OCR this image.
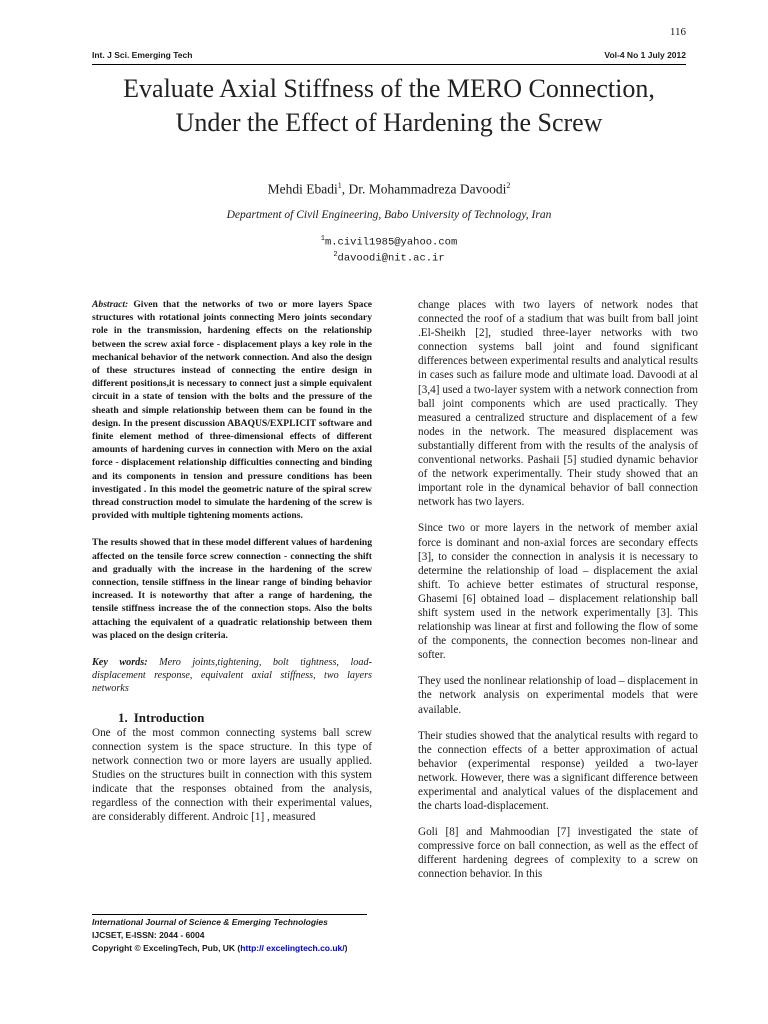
116
Int. J Sci. Emerging Tech	Vol-4 No 1 July 2012
Evaluate Axial Stiffness of the MERO Connection, Under the Effect of Hardening the Screw
Mehdi Ebadi$^1$, Dr. Mohammadreza Davoodi$^2$
Department of Civil Engineering, Babo University of Technology, Iran
$^1$m.civil1985@yahoo.com
$^2$davoodi@nit.ac.ir

Abstract: Given that the networks of two or more layers Space structures with rotational joints connecting Mero joints secondary role in the transmission, hardening effects on the relationship between the screw axial force - displacement plays a key role in the mechanical behavior of the network connection. And also the design of these structures instead of connecting the entire design in different positions,it is necessary to connect just a simple equivalent circuit in a state of tension with the bolts and the pressure of the sheath and simple relationship between them can be found in the design. In the present discussion ABAQUS/EXPLICIT software and finite element method of three-dimensional effects of different amounts of hardening curves in connection with Mero on the axial force - displacement relationship difficulties connecting and binding and its components in tension and pressure conditions has been investigated . In this model the geometric nature of the spiral screw thread construction model to simulate the hardening of the screw is provided with multiple tightening moments actions.

The results showed that in these model different values of hardening affected on the tensile force screw connection - connecting the shift and gradually with the increase in the hardening of the screw connection, tensile stiffness in the linear range of binding behavior increased. It is noteworthy that after a range of hardening, the tensile stiffness increase the of the connection stops. Also the bolts attaching the equivalent of a quadratic relationship between them was placed on the design criteria.

Key words: Mero joints,tightening, bolt tightness, load-displacement response, equivalent axial stiffness, two layers networks

1. Introduction

One of the most common connecting systems ball screw connection system is the space structure. In this type of network connection two or more layers are usually applied. Studies on the structures built in connection with this system indicate that the responses obtained from the analysis, regardless of the connection with their experimental values, are considerably different. Androic [1] , measured

change places with two layers of network nodes that connected the roof of a stadium that was built from ball joint .El-Sheikh [2], studied three-layer networks with two connection systems ball joint and found significant differences between experimental results and analytical results in cases such as failure mode and ultimate load. Davoodi at al [3,4] used a two-layer system with a network connection from ball joint components which are used practically. They measured a centralized structure and displacement of a few nodes in the network. The measured displacement was substantially different from with the results of the analysis of conventional networks. Pashaii [5] studied dynamic behavior of the network experimentally. Their study showed that an important role in the dynamical behavior of ball connection network has two layers.

Since two or more layers in the network of member axial force is dominant and non-axial forces are secondary effects [3], to consider the connection in analysis it is necessary to determine the relationship of load – displacement the axial shift. To achieve better estimates of structural response, Ghasemi [6] obtained load – displacement relationship ball shift system used in the network experimentally [3]. This relationship was linear at first and following the flow of some of the components, the connection becomes non-linear and softer.

They used the nonlinear relationship of load – displacement in the network analysis on experimental models that were available.

Their studies showed that the analytical results with regard to the connection effects of a better approximation of actual behavior (experimental response) yeilded a two-layer network. However, there was a significant difference between experimental and analytical values of the displacement and the charts load-displacement.

Goli [8] and Mahmoodian [7] investigated the state of compressive force on ball connection, as well as the effect of different hardening degrees of complexity to a screw on connection behavior. In this

International Journal of Science & Emerging Technologies
IJCSET, E-ISSN: 2044 - 6004
Copyright © ExcelingTech, Pub, UK (http:// excelingtech.co.uk/)
